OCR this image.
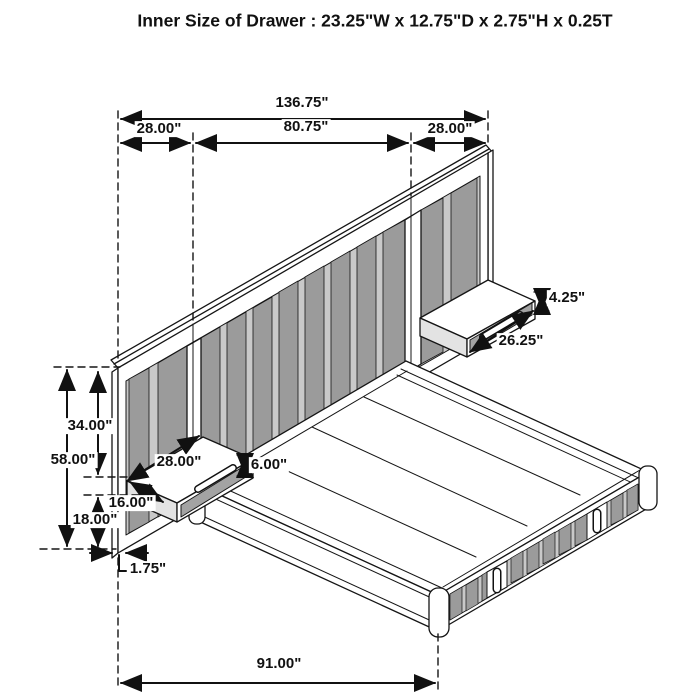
Inner Size of Drawer : 23.25"W x 12.75"D x 2.75"H x 0.25T
136.75"
28.00"	80.75"	28.00"
4.25"
26.25"
34.00"
58.00"	28.00"	6.00"
16.00"
18.00"
1.75"
91.00"
